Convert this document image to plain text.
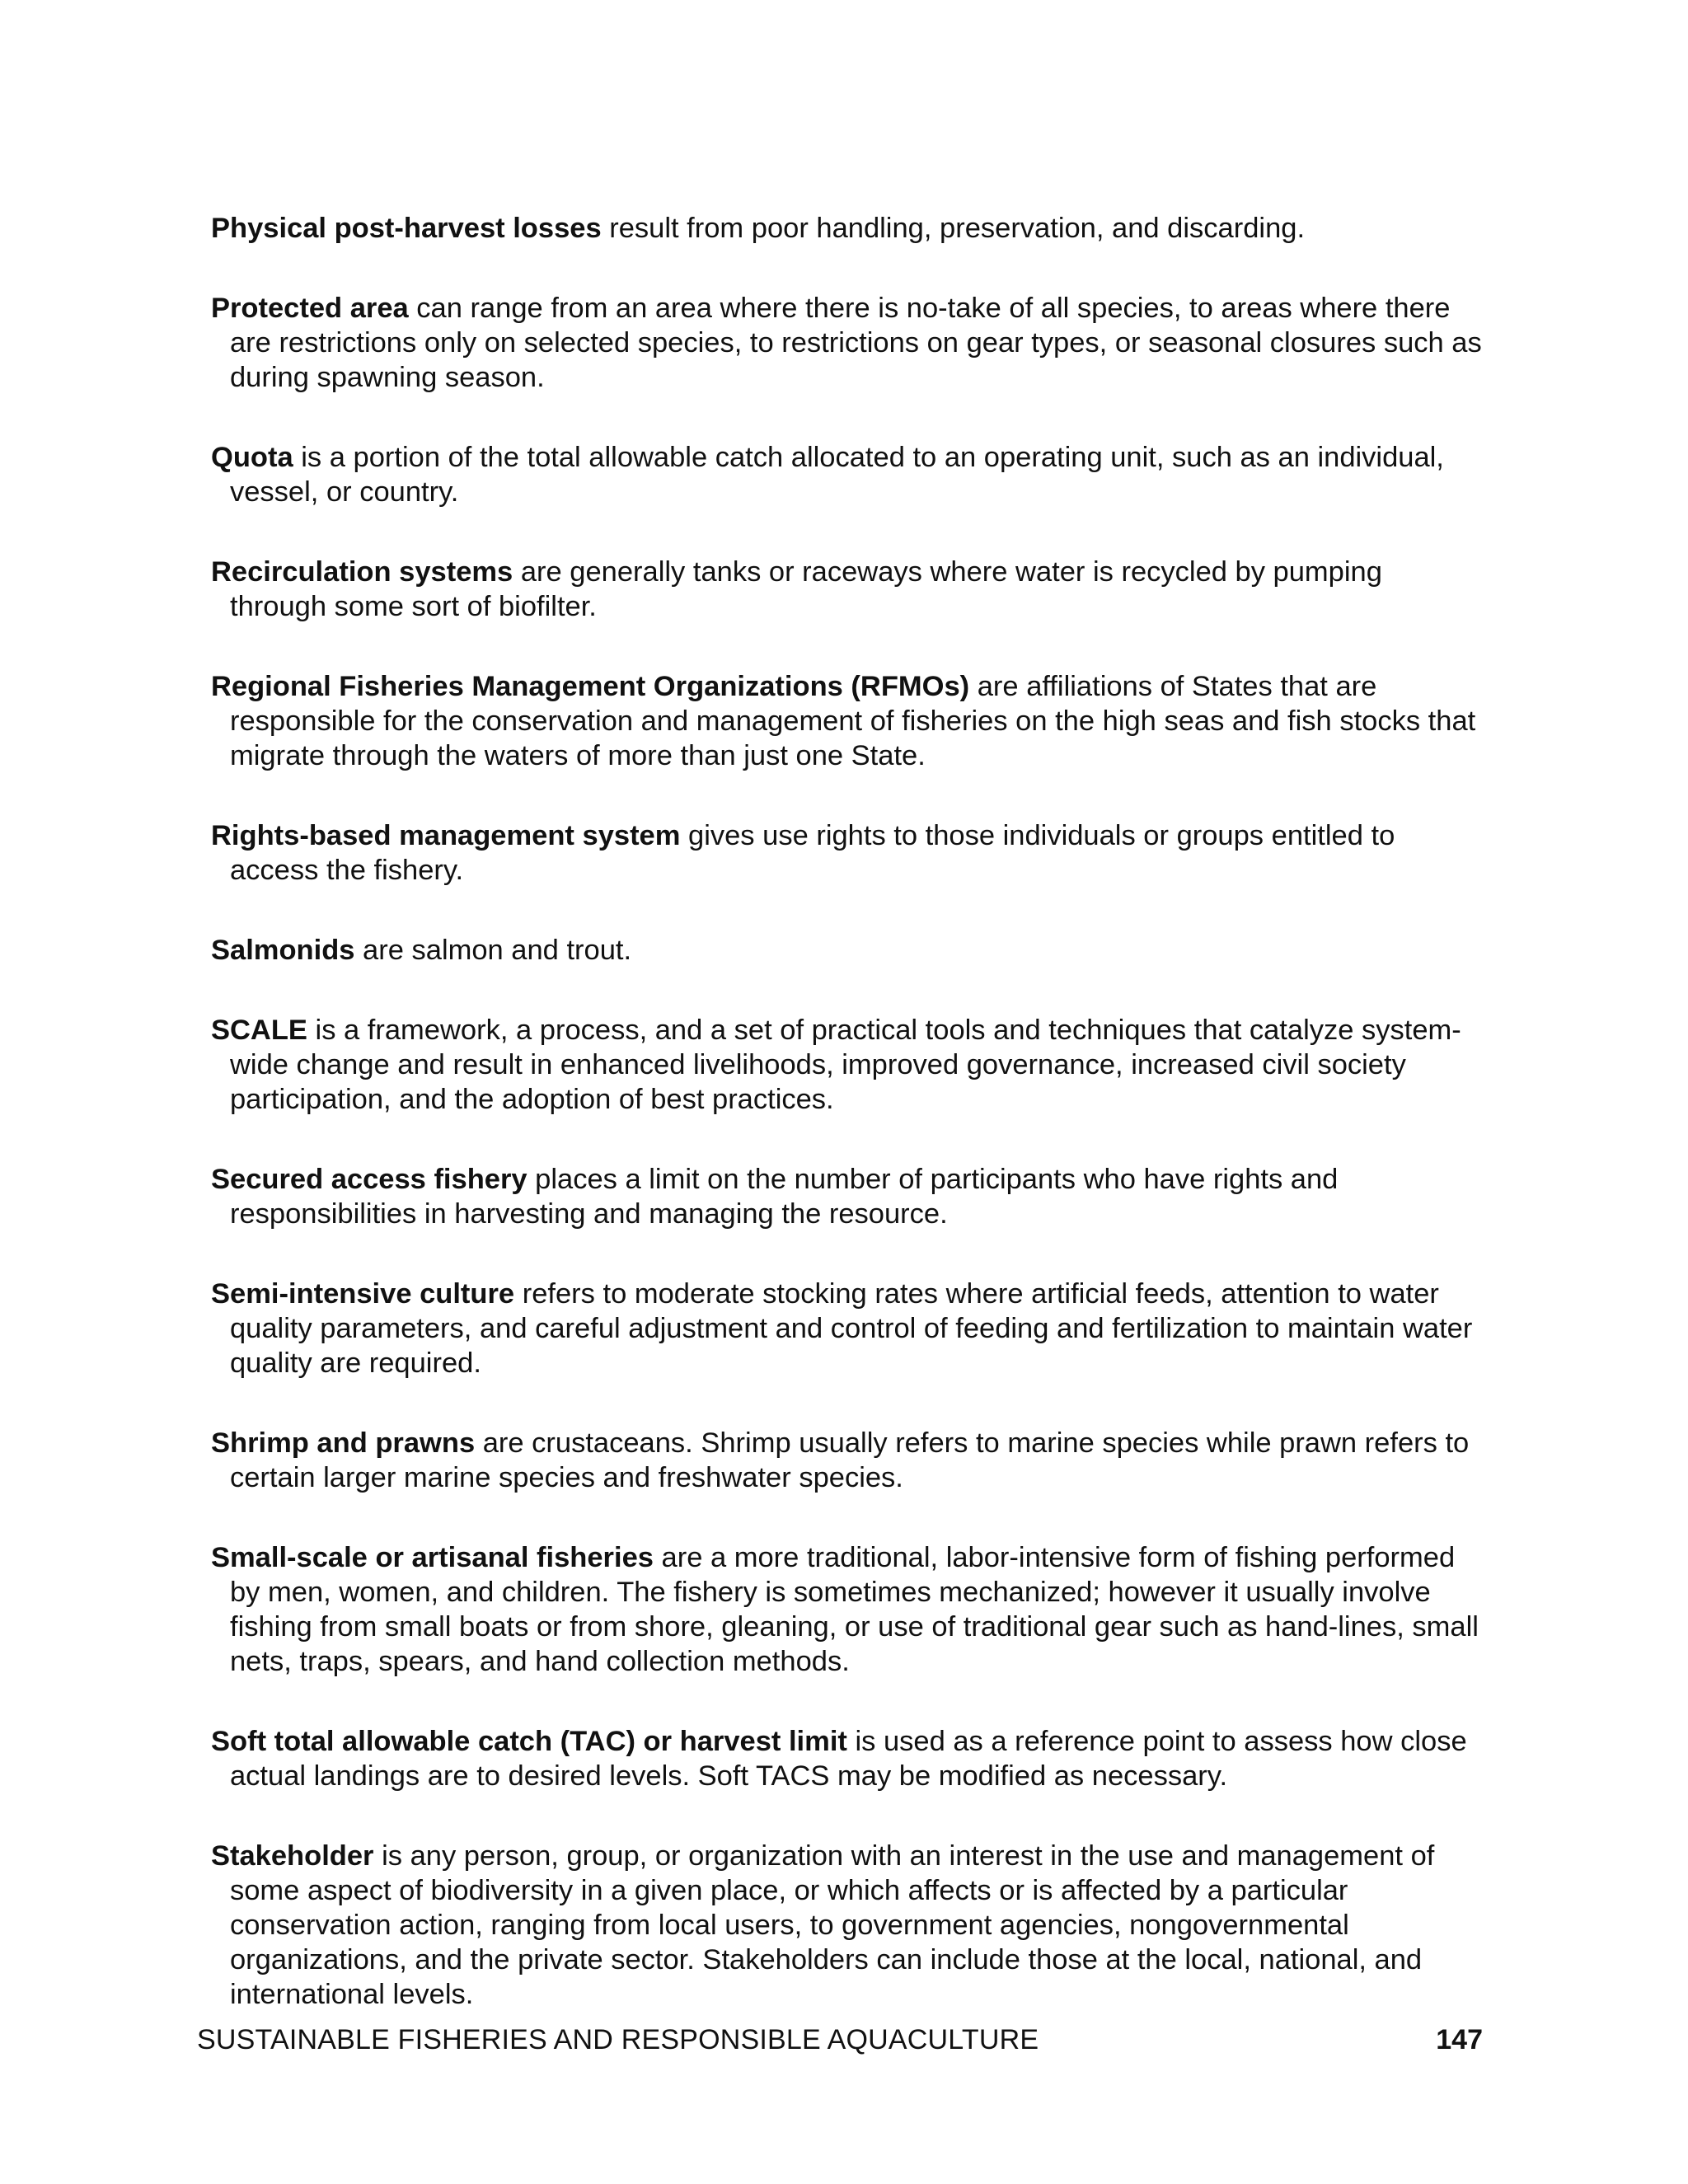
Physical post-harvest losses result from poor handling, preservation, and discarding.

Protected area can range from an area where there is no-take of all species, to areas where there are restrictions only on selected species, to restrictions on gear types, or seasonal closures such as during spawning season.

Quota is a portion of the total allowable catch allocated to an operating unit, such as an individual, vessel, or country.

Recirculation systems are generally tanks or raceways where water is recycled by pumping through some sort of biofilter.

Regional Fisheries Management Organizations (RFMOs) are affiliations of States that are responsible for the conservation and management of fisheries on the high seas and fish stocks that migrate through the waters of more than just one State.

Rights-based management system gives use rights to those individuals or groups entitled to access the fishery.

Salmonids are salmon and trout.

SCALE is a framework, a process, and a set of practical tools and techniques that catalyze system-wide change and result in enhanced livelihoods, improved governance, increased civil society participation, and the adoption of best practices.

Secured access fishery places a limit on the number of participants who have rights and responsibilities in harvesting and managing the resource.

Semi-intensive culture refers to moderate stocking rates where artificial feeds, attention to water quality parameters, and careful adjustment and control of feeding and fertilization to maintain water quality are required.

Shrimp and prawns are crustaceans. Shrimp usually refers to marine species while prawn refers to certain larger marine species and freshwater species.

Small-scale or artisanal fisheries are a more traditional, labor-intensive form of fishing performed by men, women, and children. The fishery is sometimes mechanized; however it usually involve fishing from small boats or from shore, gleaning, or use of traditional gear such as hand-lines, small nets, traps, spears, and hand collection methods.

Soft total allowable catch (TAC) or harvest limit is used as a reference point to assess how close actual landings are to desired levels. Soft TACS may be modified as necessary.

Stakeholder is any person, group, or organization with an interest in the use and management of some aspect of biodiversity in a given place, or which affects or is affected by a particular conservation action, ranging from local users, to government agencies, nongovernmental organizations, and the private sector. Stakeholders can include those at the local, national, and international levels.

SUSTAINABLE FISHERIES AND RESPONSIBLE AQUACULTURE	147
